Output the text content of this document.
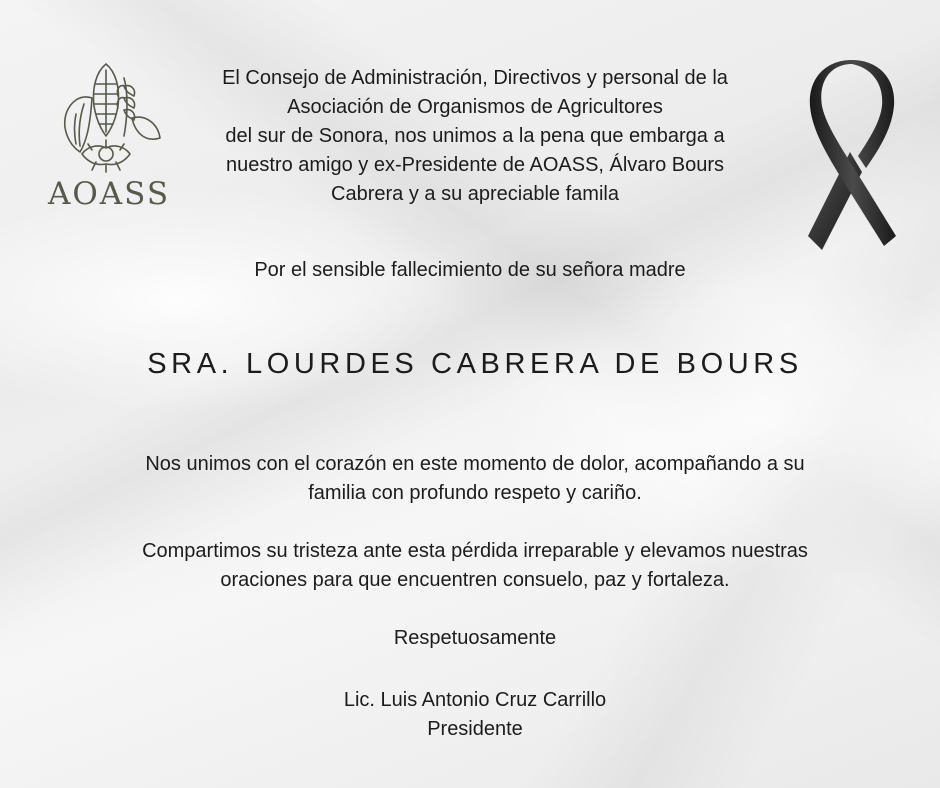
AOASS
El Consejo de Administración, Directivos y personal de la
Asociación de Organismos de Agricultores
del sur de Sonora, nos unimos a la pena que embarga a
nuestro amigo y ex-Presidente de AOASS, Álvaro Bours
Cabrera y a su apreciable famila
Por el sensible fallecimiento de su señora madre
SRA. LOURDES CABRERA DE BOURS
Nos unimos con el corazón en este momento de dolor, acompañando a su
familia con profundo respeto y cariño.
Compartimos su tristeza ante esta pérdida irreparable y elevamos nuestras
oraciones para que encuentren consuelo, paz y fortaleza.
Respetuosamente
Lic. Luis Antonio Cruz Carrillo
Presidente
